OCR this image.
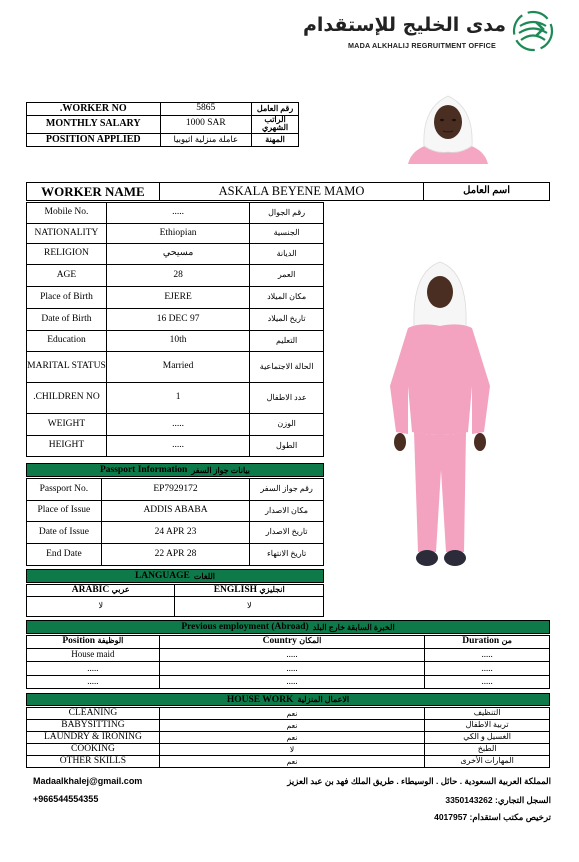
مدى الخليج للإستقدام
MADA ALKHALIJ REGRUITMENT OFFICE
.WORKER NO	5865	رقم العامل
MONTHLY SALARY	1000 SAR	الراتب الشهري
POSITION APPLIED	عاملة منزلية اثيوبيا	المهنة
WORKER NAME	ASKALA BEYENE MAMO	اسم العامل
Mobile No.	.....	رقم الجوال
NATIONALITY	Ethiopian	الجنسية
RELIGION	مسيحي	الديانة
AGE	28	العمر
Place of Birth	EJERE	مكان الميلاد
Date of Birth	16 DEC 97	تاريخ الميلاد
Education	10th	التعليم
MARITAL STATUS	Married	الحالة الاجتماعية
.CHILDREN NO	1	عدد الاطفال
WEIGHT	.....	الوزن
HEIGHT	.....	الطول
Passport Information بيانات جواز السفر
Passport No.	EP7929172	رقم جواز السفر
Place of Issue	ADDIS ABABA	مكان الاصدار
Date of Issue	24 APR 23	تاريخ الاصدار
End Date	22 APR 28	تاريخ الانتهاء
LANGUAGE اللغات
ARABIC عربي	ENGLISH انجليزي
لا	لا
Previous employment (Abroad) الخبرة السابقة خارج البلد
Position الوظيفة	Country المكان	Duration من
House maid	.....	.....
.....	.....	.....
.....	.....	.....
HOUSE WORK الاعمال المنزلية
CLEANING	نعم	التنظيف
BABYSITTING	نعم	تربية الاطفال
LAUNDRY & IRONING	نعم	الغسيل و الكي
COOKING	لا	الطبخ
OTHER SKILLS	نعم	المهارات الأخرى
Madaalkhalej@gmail.com
+966544554355
المملكة العربية السعودية . حائل . الوسيطاء . طريق الملك فهد بن عبد العزيز
السجل التجاري: 3350143262
ترخيص مكتب استقدام: 4017957
